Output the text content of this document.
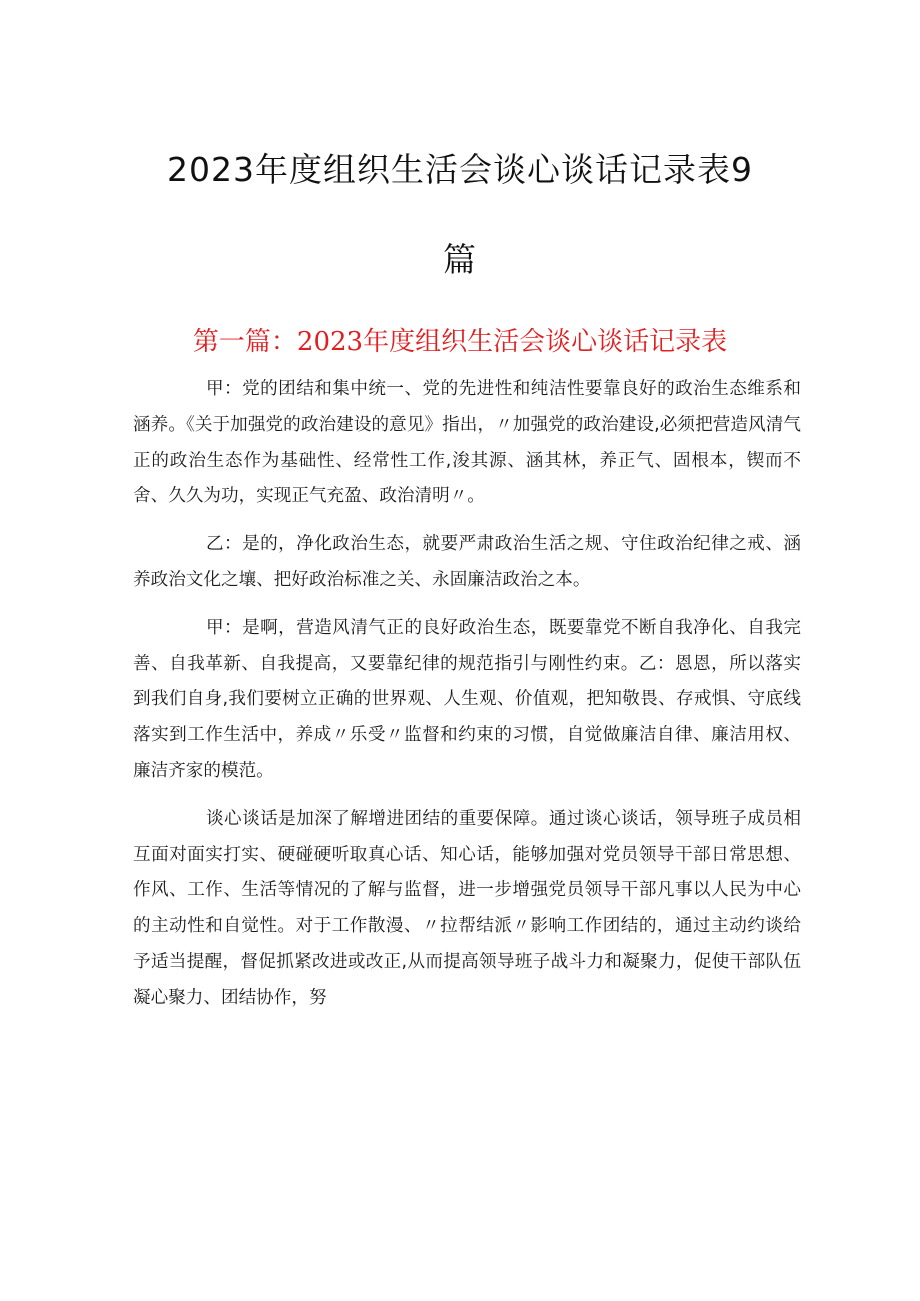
2023年度组织生活会谈心谈话记录表9
篇
第一篇：2023年度组织生活会谈心谈话记录表

甲：党的团结和集中统一、党的先进性和纯洁性要靠良好的政治生态维系和涵养。《关于加强党的政治建设的意见》指出，〃加强党的政治建设,必须把营造风清气正的政治生态作为基础性、经常性工作,浚其源、涵其林，养正气、固根本，锲而不舍、久久为功，实现正气充盈、政治清明〃。

乙：是的，净化政治生态，就要严肃政治生活之规、守住政治纪律之戒、涵养政治文化之壤、把好政治标准之关、永固廉洁政治之本。

甲：是啊，营造风清气正的良好政治生态，既要靠党不断自我净化、自我完善、自我革新、自我提高，又要靠纪律的规范指引与刚性约束。乙：恩恩，所以落实到我们自身,我们要树立正确的世界观、人生观、价值观，把知敬畏、存戒惧、守底线落实到工作生活中，养成〃乐受〃监督和约束的习惯，自觉做廉洁自律、廉洁用权、廉洁齐家的模范。

谈心谈话是加深了解增进团结的重要保障。通过谈心谈话，领导班子成员相互面对面实打实、硬碰硬听取真心话、知心话，能够加强对党员领导干部日常思想、作风、工作、生活等情况的了解与监督，进一步增强党员领导干部凡事以人民为中心的主动性和自觉性。对于工作散漫、〃拉帮结派〃影响工作团结的，通过主动约谈给予适当提醒，督促抓紧改进或改正,从而提高领导班子战斗力和凝聚力，促使干部队伍凝心聚力、团结协作，努
